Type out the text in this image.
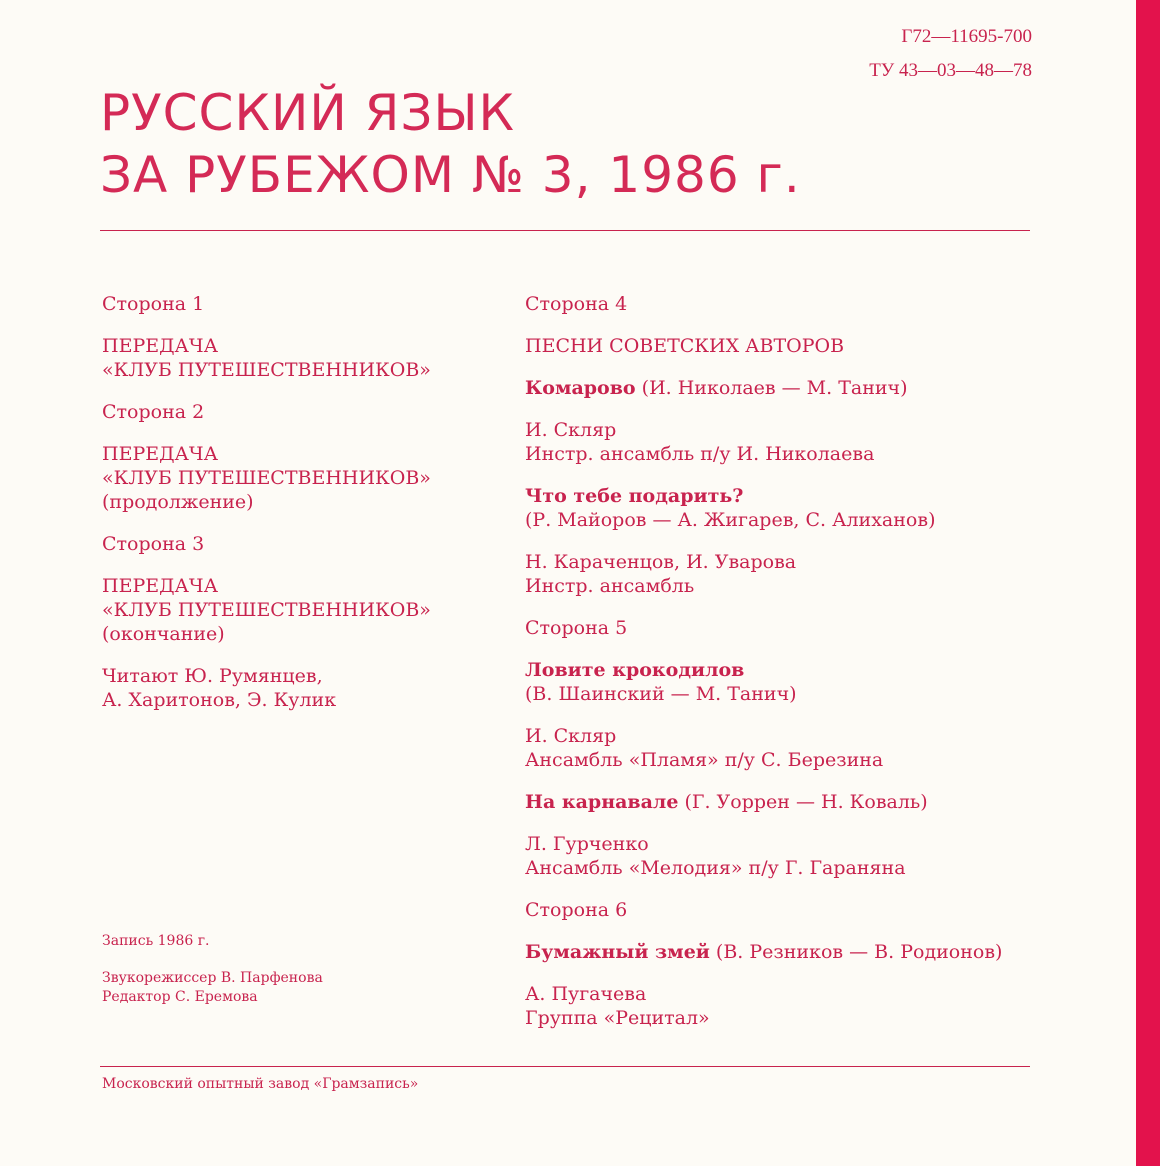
Г72—11695-700
ТУ 43—03—48—78
РУССКИЙ ЯЗЫК
ЗА РУБЕЖОМ № 3, 1986 г.
Сторона 1
ПЕРЕДАЧА
«КЛУБ ПУТЕШЕСТВЕННИКОВ»
Сторона 2
ПЕРЕДАЧА
«КЛУБ ПУТЕШЕСТВЕННИКОВ»
(продолжение)
Сторона 3
ПЕРЕДАЧА
«КЛУБ ПУТЕШЕСТВЕННИКОВ»
(окончание)
Читают Ю. Румянцев,
А. Харитонов, Э. Кулик
Сторона 4
ПЕСНИ СОВЕТСКИХ АВТОРОВ
Комарово (И. Николаев — М. Танич)
И. Скляр
Инстр. ансамбль п/у И. Николаева
Что тебе подарить?
(Р. Майоров — А. Жигарев, С. Алиханов)
Н. Караченцов, И. Уварова
Инстр. ансамбль
Сторона 5
Ловите крокодилов
(В. Шаинский — М. Танич)
И. Скляр
Ансамбль «Пламя» п/у С. Березина
На карнавале (Г. Уоррен — Н. Коваль)
Л. Гурченко
Ансамбль «Мелодия» п/у Г. Гараняна
Сторона 6
Бумажный змей (В. Резников — В. Родионов)
А. Пугачева
Группа «Рецитал»
Запись 1986 г.
Звукорежиссер В. Парфенова
Редактор С. Еремова
Московский опытный завод «Грамзапись»
